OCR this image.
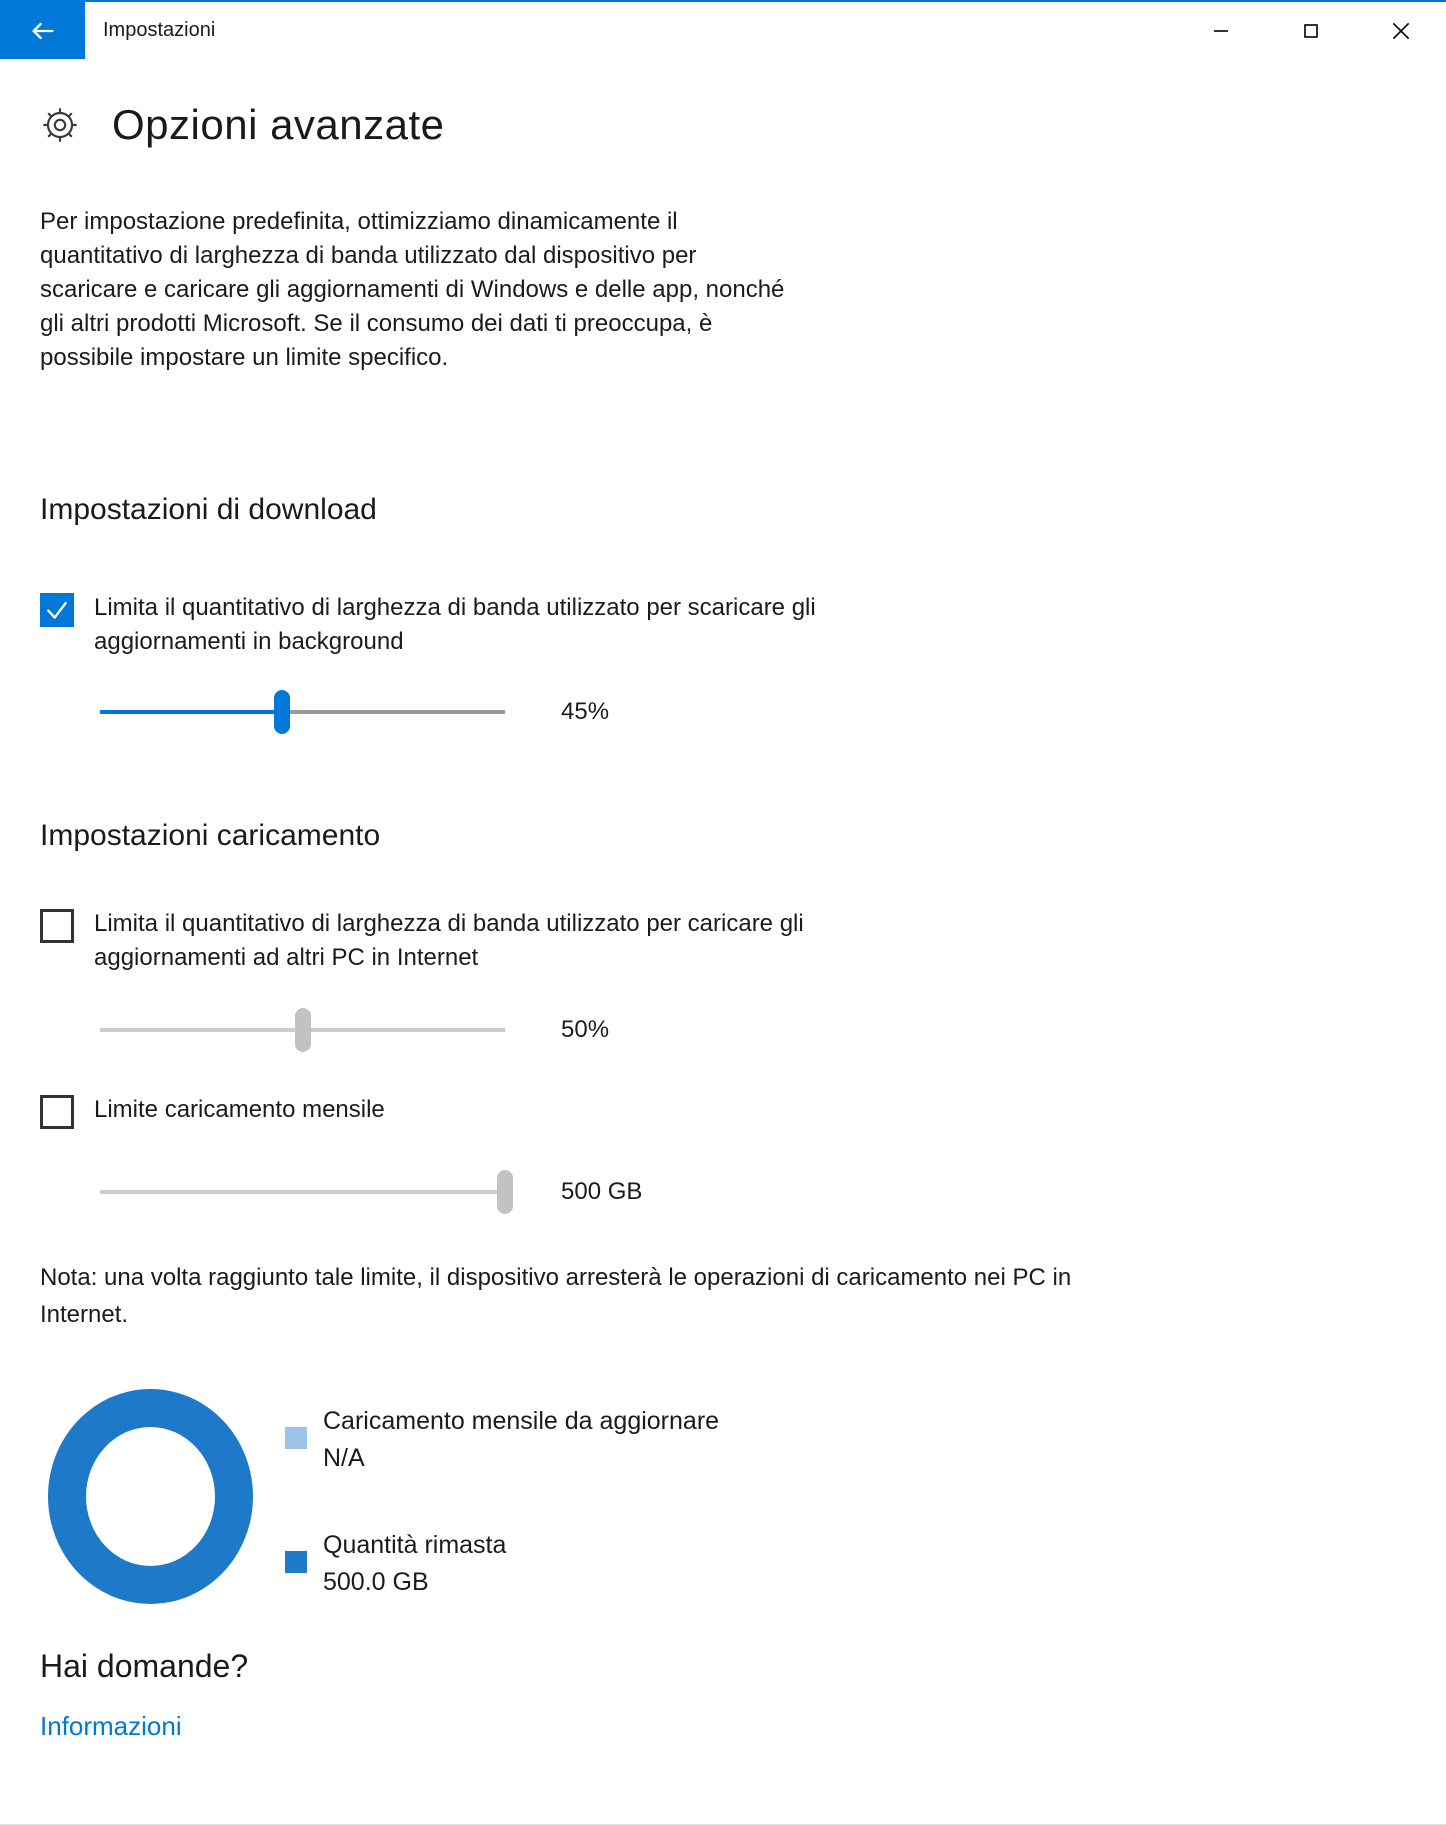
Impostazioni
Opzioni avanzate
Per impostazione predefinita, ottimizziamo dinamicamente il quantitativo di larghezza di banda utilizzato dal dispositivo per scaricare e caricare gli aggiornamenti di Windows e delle app, nonché gli altri prodotti Microsoft. Se il consumo dei dati ti preoccupa, è possibile impostare un limite specifico.
Impostazioni di download
Limita il quantitativo di larghezza di banda utilizzato per scaricare gli aggiornamenti in background
45%
Impostazioni caricamento
Limita il quantitativo di larghezza di banda utilizzato per caricare gli aggiornamenti ad altri PC in Internet
50%
Limite caricamento mensile
500 GB
Nota: una volta raggiunto tale limite, il dispositivo arresterà le operazioni di caricamento nei PC in Internet.
Caricamento mensile da aggiornare
N/A
Quantità rimasta
500.0 GB
Hai domande?
Informazioni
